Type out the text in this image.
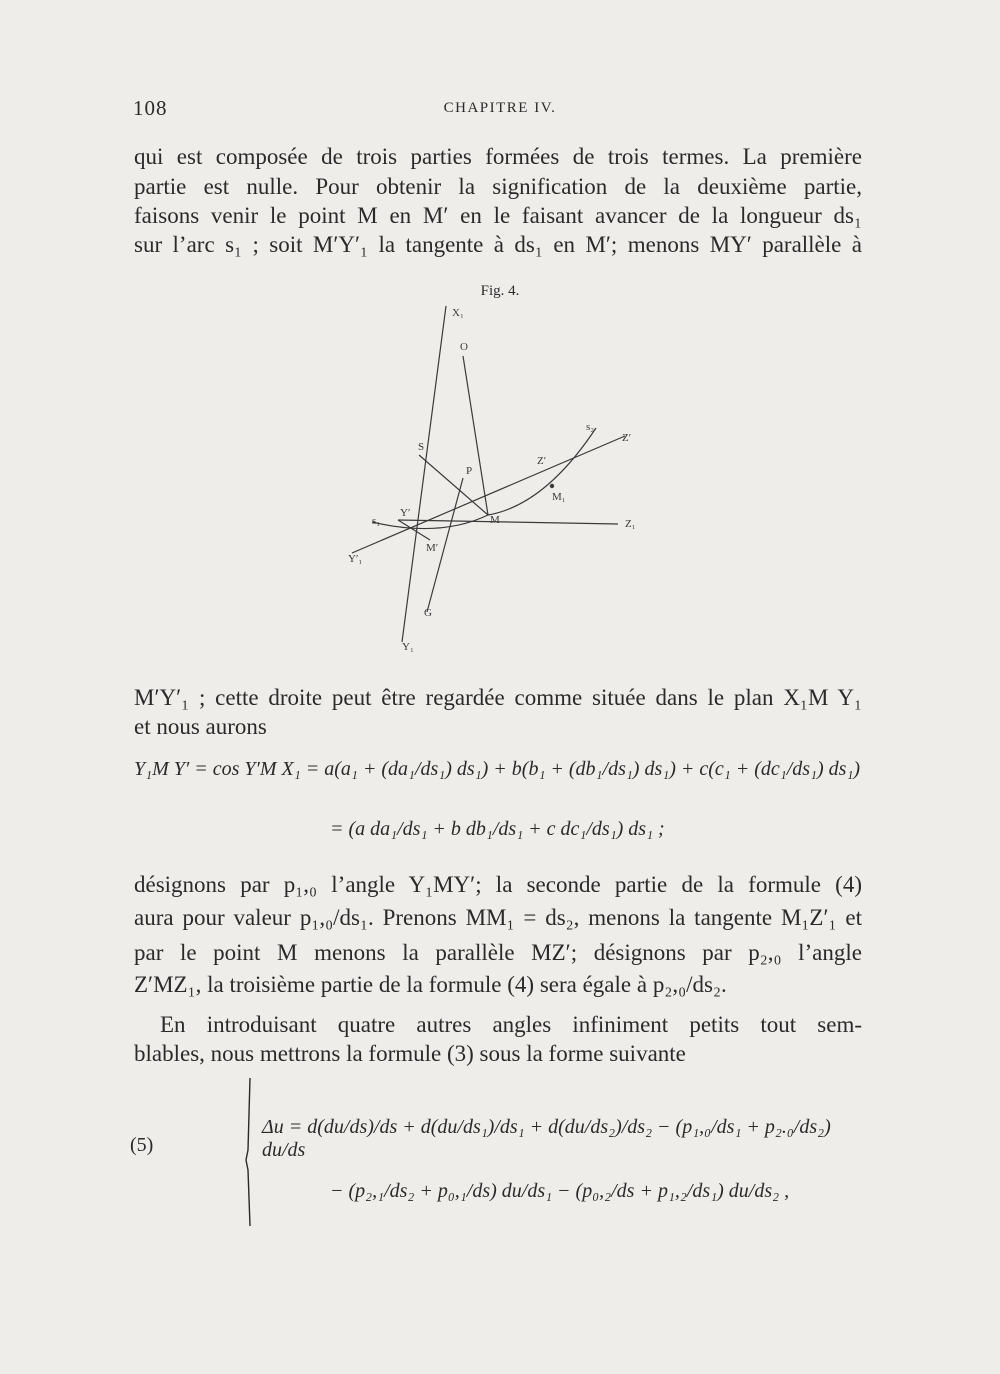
108	CHAPITRE IV.
qui est composée de trois parties formées de trois termes. La première
partie est nulle. Pour obtenir la signification de la deuxième partie,
faisons venir le point M en M′ en le faisant avancer de la longueur ds₁
sur l’arc s₁ ; soit M′Y′₁ la tangente à ds₁ en M′; menons MY′ parallèle à
Fig. 4.
X₁
O
S
P
s₂
Z′
Z′
M₁
s₁
Y′
M	Z₁
M′
Y′₁
G
Y₁
M′Y′₁ ; cette droite peut être regardée comme située dans le plan X₁M Y₁
et nous aurons
Y₁M Y′ = cos Y′M X₁ = a(a₁ + (da₁/ds₁) ds₁) + b(b₁ + (db₁/ds₁) ds₁) + c(c₁ + (dc₁/ds₁) ds₁)
= (a da₁/ds₁ + b db₁/ds₁ + c dc₁/ds₁) ds₁ ;
désignons par p₁,₀ l’angle Y₁MY′; la seconde partie de la formule (4)
aura pour valeur p₁,₀/ds₁. Prenons MM₁ = ds₂, menons la tangente M₁Z′₁ et
par le point M menons la parallèle MZ′; désignons par p₂,₀ l’angle
Z′MZ₁, la troisième partie de la formule (4) sera égale à p₂,₀/ds₂.
En introduisant quatre autres angles infiniment petits tout sem-
blables, nous mettrons la formule (3) sous la forme suivante
(5)
Δu = d(du/ds)/ds + d(du/ds₁)/ds₁ + d(du/ds₂)/ds₂ − (p₁,₀/ds₁ + p₂.₀/ds₂) du/ds
− (p₂,₁/ds₂ + p₀,₁/ds) du/ds₁ − (p₀,₂/ds + p₁,₂/ds₁) du/ds₂ ,
